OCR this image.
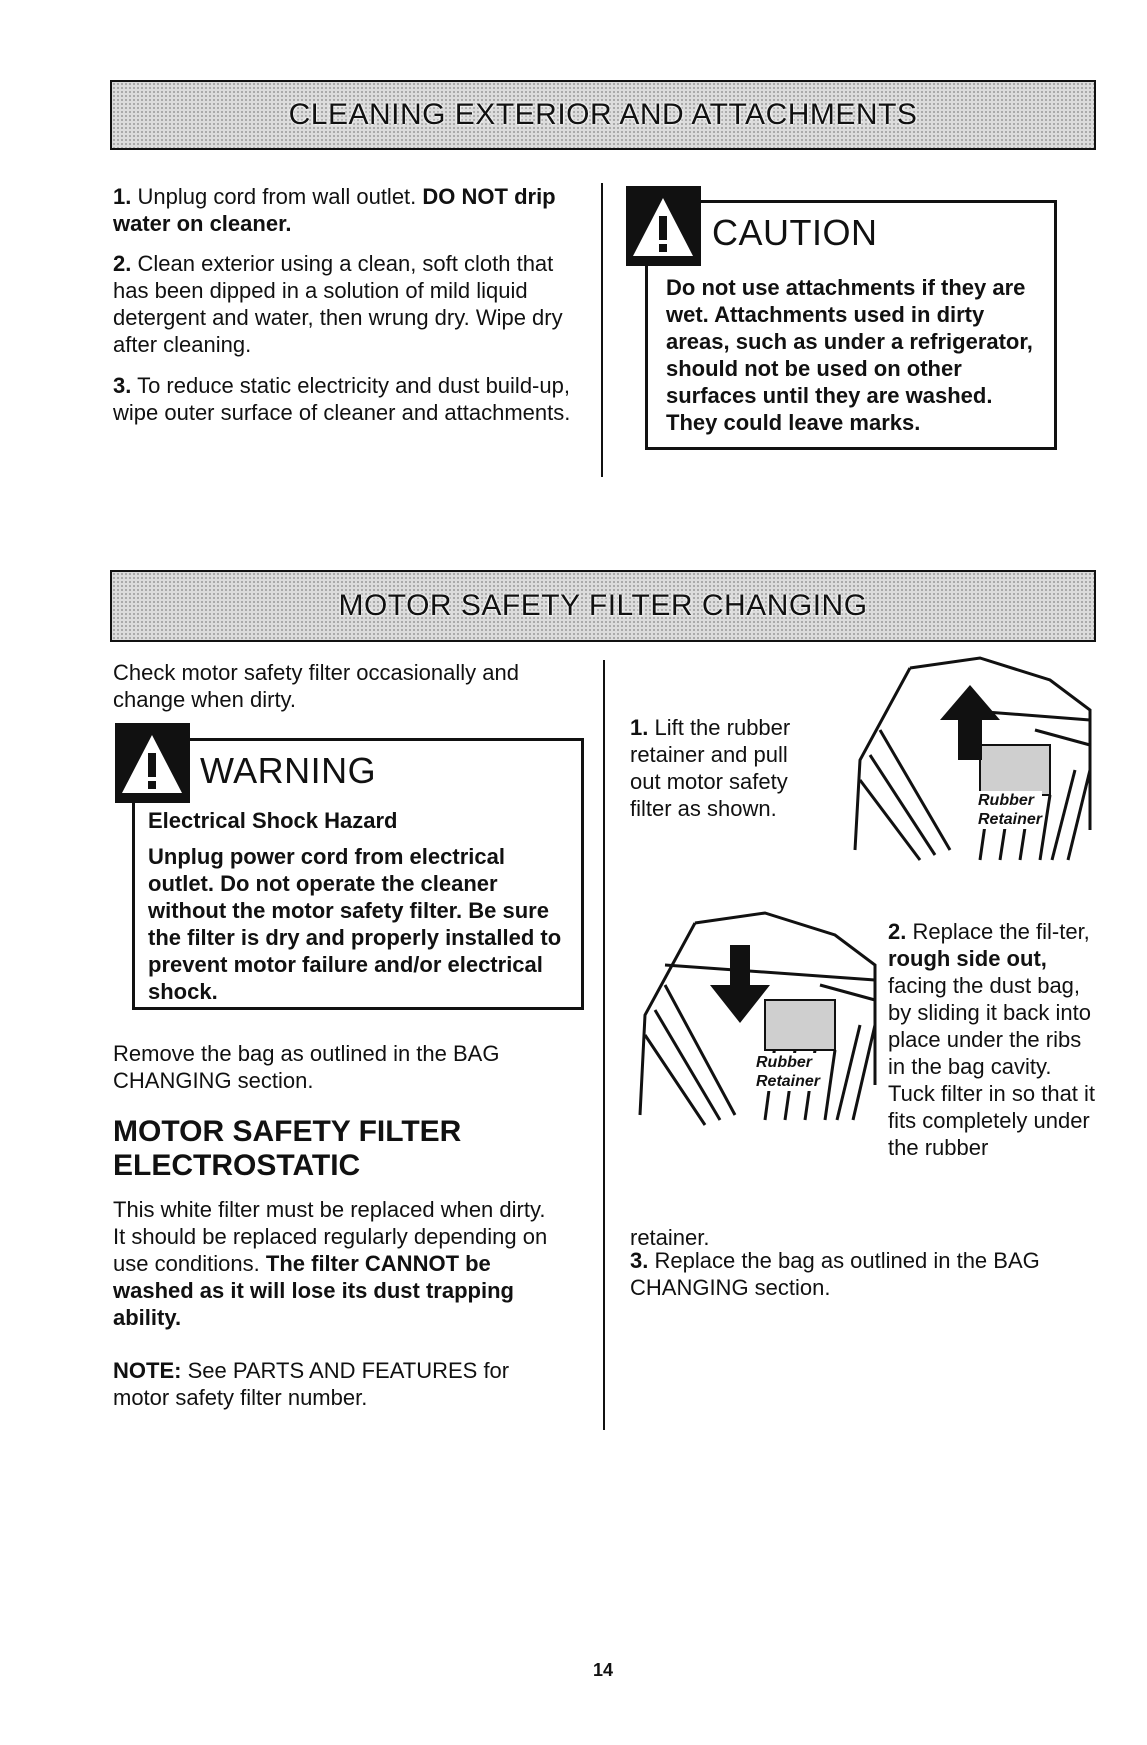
CLEANING EXTERIOR AND ATTACHMENTS
1. Unplug cord from wall outlet. DO NOT drip water on cleaner.
2. Clean exterior using a clean, soft cloth that has been dipped in a solution of mild liquid detergent and water, then wrung dry. Wipe dry after cleaning.
3. To reduce static electricity and dust build-up, wipe outer surface of cleaner and attachments.
CAUTION
Do not use attachments if they are wet. Attachments used in dirty areas, such as under a refrigerator, should not be used on other surfaces until they are washed. They could leave marks.
MOTOR SAFETY FILTER CHANGING
Check motor safety filter occasionally and change when dirty.
WARNING
Electrical Shock Hazard
Unplug power cord from electrical outlet. Do not operate the cleaner without the motor safety filter. Be sure the filter is dry and properly installed to prevent motor failure and/or electrical shock.
Remove the bag as outlined in the BAG CHANGING section.
MOTOR SAFETY FILTER
ELECTROSTATIC
This white filter must be replaced when dirty. It should be replaced regularly depending on use conditions. The filter CANNOT be washed as it will lose its dust trapping ability.
NOTE: See PARTS AND FEATURES for motor safety filter number.
1. Lift the rubber retainer and pull out motor safety filter as shown.	Rubber
Retainer
Rubber
Retainer
2. Replace the fil-ter, rough side out, facing the dust bag, by sliding it back into place under the ribs in the bag cavity. Tuck filter in so that it fits completely under the rubber
retainer.
3. Replace the bag as outlined in the BAG CHANGING section.
14
